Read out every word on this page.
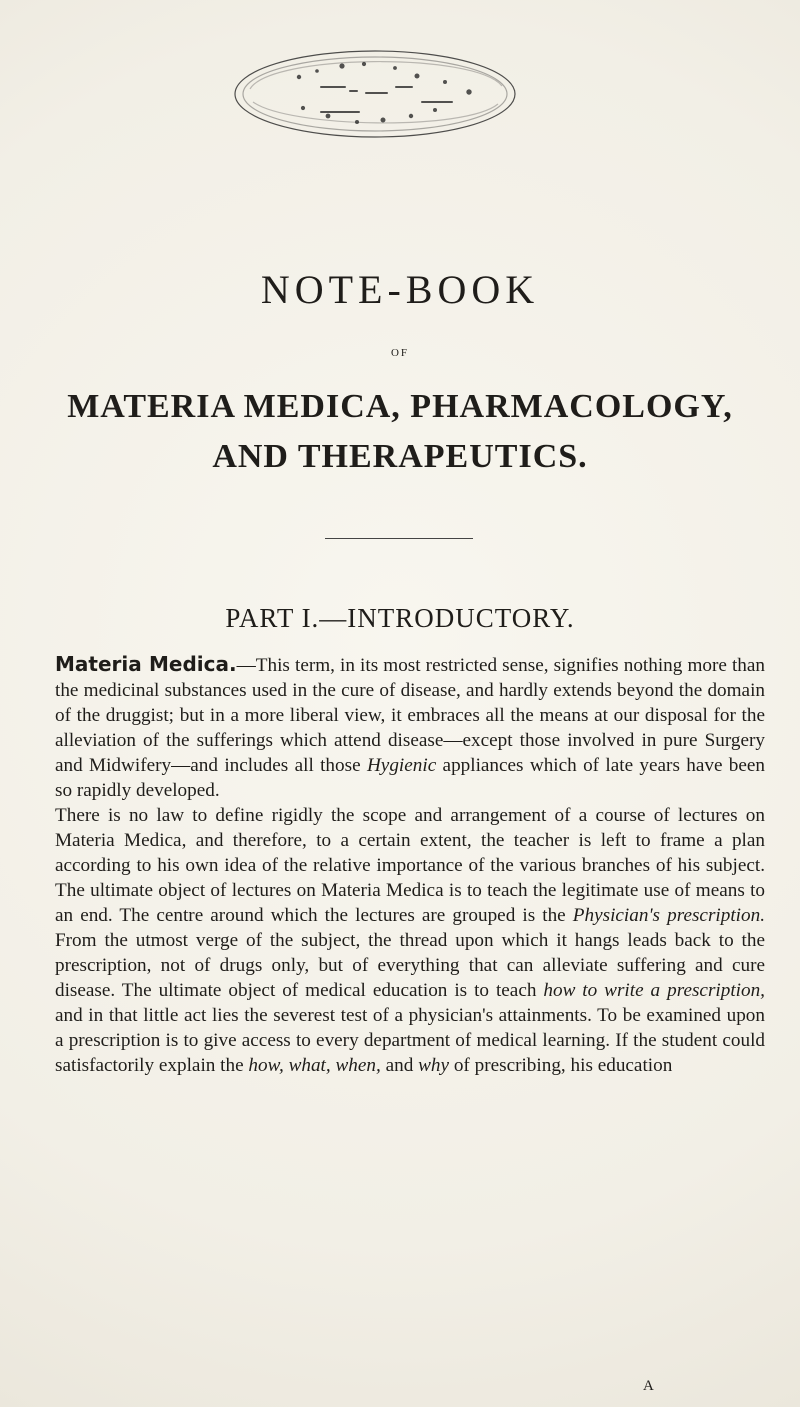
NOTE-BOOK
OF
MATERIA MEDICA, PHARMACOLOGY,
AND THERAPEUTICS.
PART I.—INTRODUCTORY.

Materia Medica.—This term, in its most restricted sense, signifies nothing more than the medicinal substances used in the cure of disease, and hardly extends beyond the domain of the druggist; but in a more liberal view, it embraces all the means at our disposal for the alleviation of the sufferings which attend disease—except those involved in pure Surgery and Midwifery—and includes all those Hygienic appliances which of late years have been so rapidly developed.

There is no law to define rigidly the scope and arrangement of a course of lectures on Materia Medica, and therefore, to a certain extent, the teacher is left to frame a plan according to his own idea of the relative importance of the various branches of his subject. The ultimate object of lectures on Materia Medica is to teach the legitimate use of means to an end. The centre around which the lectures are grouped is the Physician's prescription. From the utmost verge of the subject, the thread upon which it hangs leads back to the prescription, not of drugs only, but of everything that can alleviate suffering and cure disease. The ultimate object of medical education is to teach how to write a prescription, and in that little act lies the severest test of a physician's attainments. To be examined upon a prescription is to give access to every department of medical learning. If the student could satisfactorily explain the how, what, when, and why of prescribing, his education

A
